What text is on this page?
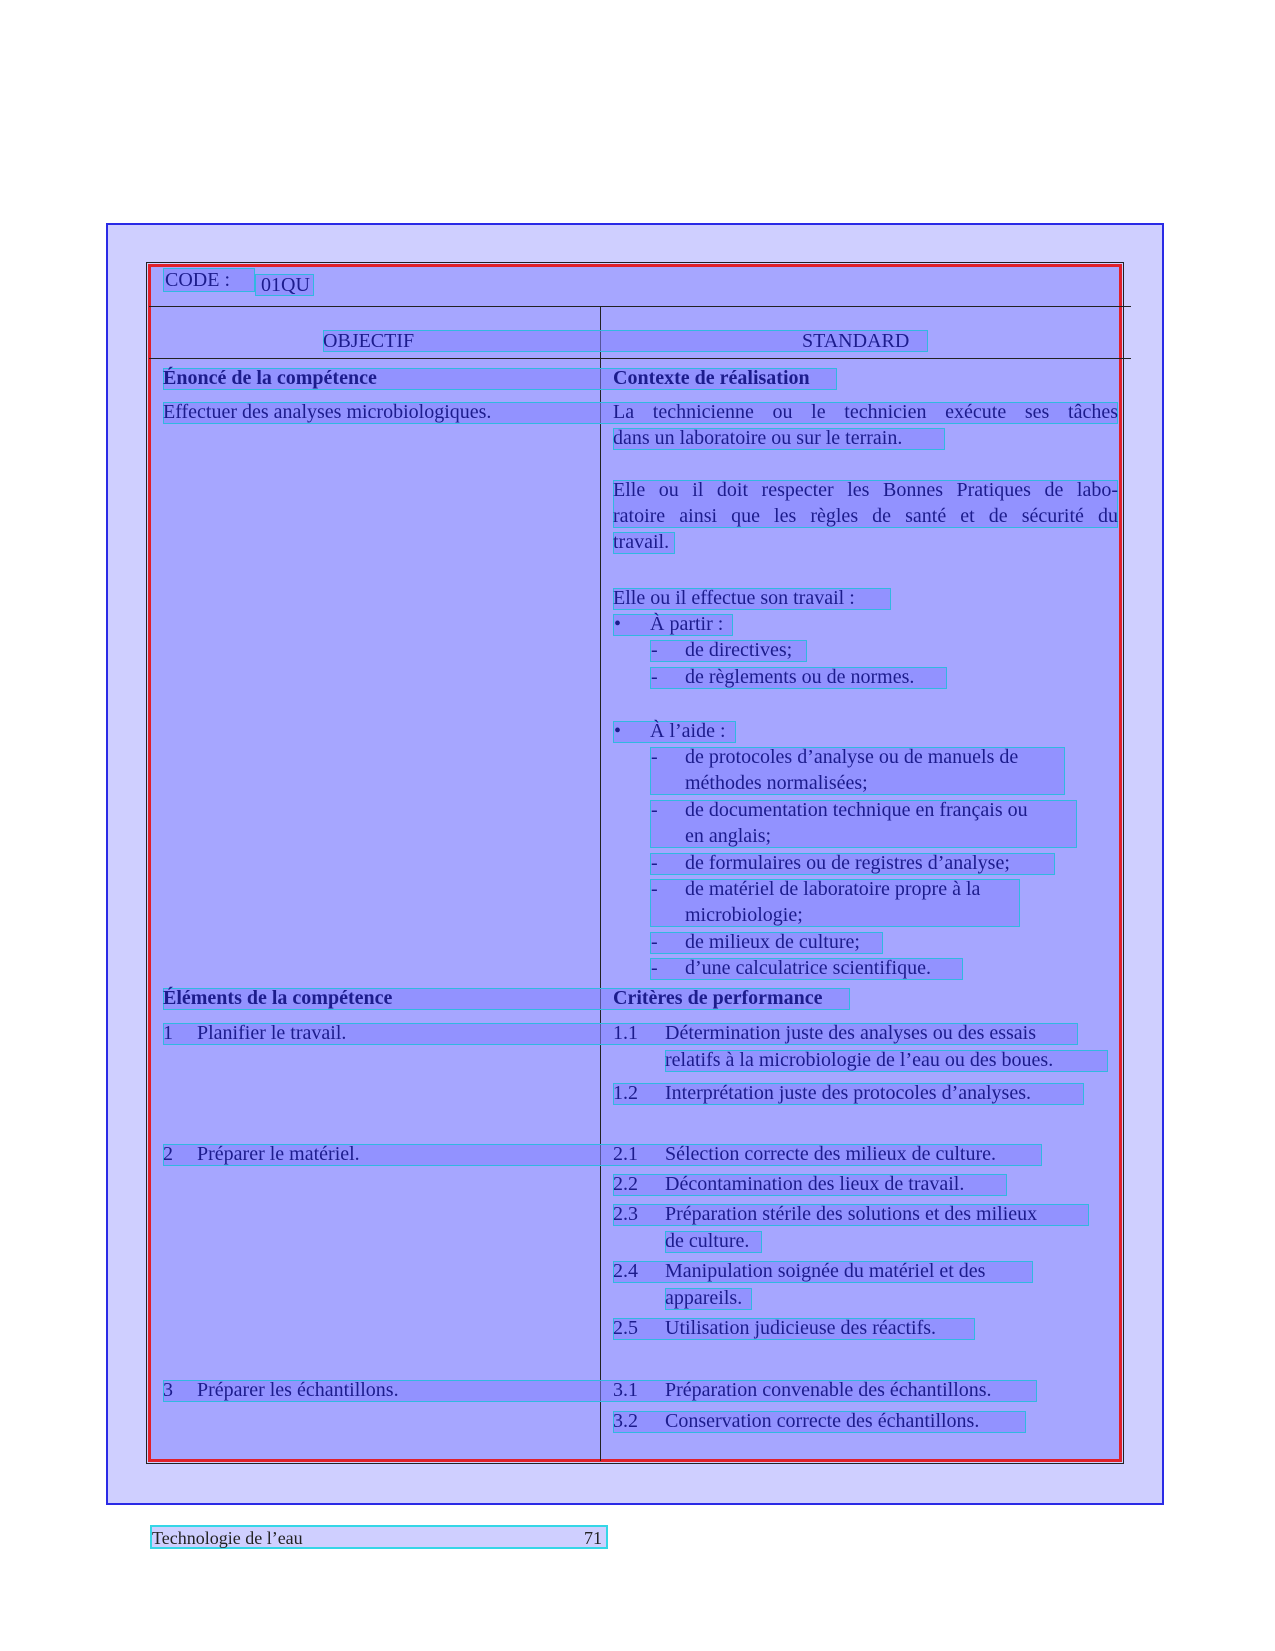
CODE : 01QU
OBJECTIF	STANDARD
Énoncé de la compétence	Contexte de réalisation
Effectuer des analyses microbiologiques.	La technicienne ou le technicien exécute ses tâches
dans un laboratoire ou sur le terrain.
Elle ou il doit respecter les Bonnes Pratiques de labo-
ratoire ainsi que les règles de santé et de sécurité du
travail.
Elle ou il effectue son travail :
• À partir :
- de directives;
- de règlements ou de normes.
• À l’aide :
- de protocoles d’analyse ou de manuels de
méthodes normalisées;
- de documentation technique en français ou
en anglais;
- de formulaires ou de registres d’analyse;
- de matériel de laboratoire propre à la
microbiologie;
- de milieux de culture;
- d’une calculatrice scientifique.
Éléments de la compétence	Critères de performance
1 Planifier le travail.	1.1 Détermination juste des analyses ou des essais
relatifs à la microbiologie de l’eau ou des boues.
1.2 Interprétation juste des protocoles d’analyses.
2 Préparer le matériel.	2.1 Sélection correcte des milieux de culture.
2.2 Décontamination des lieux de travail.
2.3 Préparation stérile des solutions et des milieux
de culture.
2.4 Manipulation soignée du matériel et des
appareils.
2.5 Utilisation judicieuse des réactifs.
3 Préparer les échantillons.	3.1 Préparation convenable des échantillons.
3.2 Conservation correcte des échantillons.
Technologie de l’eau	71
